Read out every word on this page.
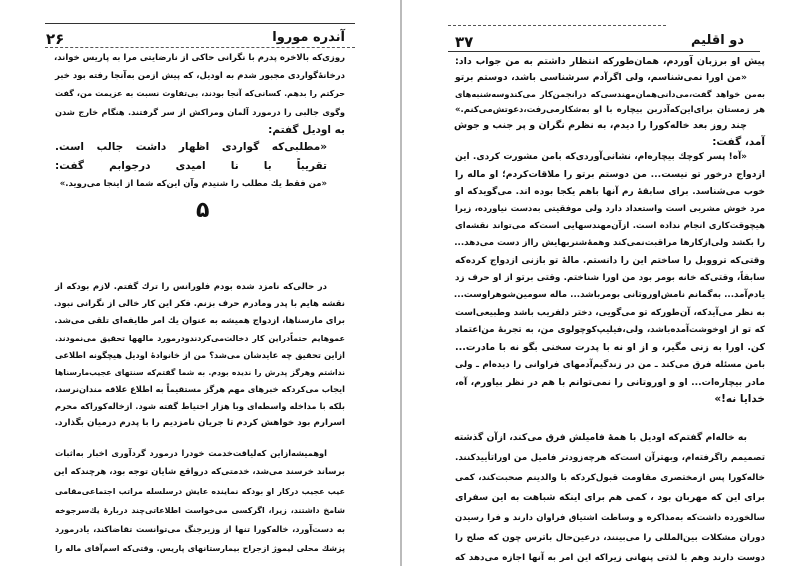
۲۶	آندره موروا	۳۷	دو اقلیم
روزی‌که بالاخره پدرم با نگرانی حاکی از نارضایتی مرا به پاریس خواند،
درخانهٔ‌گواردی مجبور شدم به اودیل، که پیش ازمن به‌آنجا رفته بود خبر
حرکتم را بدهم. کسانی‌که آنجا بودند، بی‌تفاوت نسبت به عزیمت من، گفت
وگوی جالبی را درمورد آلمان ومراکش از سر گرفتند. هنگام خارج شدن
به اودیل گفتم:
«مطلبی‌که گواردی اظهار داشت جالب است.
تقریباً با نا امیدی درجوابم گفت:
«من فقط یك مطلب را شنیدم وآن این‌که شما از اینجا می‌روید.»
۵
در حالی‌که نامزد شده بودم فلورانس را ترك گفتم. لازم بودکه از
نقشه هایم با پدر ومادرم حرف بزنم. فکر این کار خالی از نگرانی نبود.
برای مارسناها، ازدواج همیشه به عنوان یك امر طایفه‌ای تلقی می‌شد.
عموهایم حتماًدراین کار دخالت‌می‌کردندودرمورد مالهها تحقیق می‌نمودند.
ازاین تحقیق چه عایدشان می‌شد؟ من از خانوادهٔ اودیل هیچگونه اطلاعی
نداشتم وهرگز پدرش را ندیده بودم. به شما گفتم‌که سنتهای عجیب‌مارسناها
ایجاب می‌کردکه خبرهای مهم هرگز مستقیماً به اطلاع علاقه مندان‌نرسد،
بلکه با مداخله واسطه‌ای وبا هزار احتیاط گفته شود. ازخاله‌کوراکه محرم
اسرارم بود خواهش کردم تا جریان نامزدیم را با پدرم درمیان بگذارد.
اوهمیشه‌ازاین که‌لیاقت‌خدمت خودرا درمورد گردآوری اخبار به‌اثبات
برساند خرسند می‌شد، خدمتی‌که درواقع شایان توجه بود، هرچندکه این
عیب عجیب درکار او بودکه نماینده عایش درسلسله مراتب اجتماعی‌مقامی
شامخ داشتند، زیرا، اگرکسی می‌خواست اطلاعاتی‌چند دربارهٔ یك‌سرجوخه
به دست‌آورد، خاله‌کورا تنها از وزیرجنگ می‌توانست تقاضاکند، یادرمورد
پزشك محلی لیموژ ازجراح بیمارستانهای پاریس. وقتی‌که اسم‌آقای ماله را
پیش او برزبان آوردم، همان‌طورکه انتظار داشتم به من جواب داد:
«من اورا نمی‌شناسم، ولی اگرآدم سرشناسی باشد، دوستم برتو
به‌من خواهد گفت،می‌دانی‌همان‌مهندسی‌که درانجمن‌کار می‌کندوسه‌شنبه‌های
هر زمستان برای‌این‌که‌آدربن بیچاره با او به‌شکارمی‌رفت،دعوتش‌می‌کنم.»
چند روز بعد خاله‌کورا را دیدم، به نظرم نگران و پر جنب و جوش
آمد، گفت:
«آه! پسر کوچك بیچاره‌ام، نشانی‌آوردی‌که بامن مشورت کردی. این
ازدواج درخور تو نیست... من دوستم برتو را ملاقات‌کردم؛ او ماله را
خوب می‌شناسد. برای سابقهٔ رم آنها باهم یکجا بوده اند. می‌گویدکه او
مرد خوش مشربی است واستعداد دارد ولی موفقیتی به‌دست نیاورده، زیرا
هیچوقت‌کاری انجام نداده است. ازآن‌مهندسهایی است‌که می‌تواند نقشه‌ای
را بکشد ولی‌ازکارها مراقبت‌نمی‌کند وهمهٔ‌شنربهایش رااز دست می‌دهد...
وقتی‌که ترووبل را ساختم این را دانستم. مالهٔ تو بازنی ازدواج کرده‌که
سابقاً، وقتی‌که خانه بومر بود من اورا شناختم. وقتی برتو از او حرف زد
یادم‌آمد... به‌گمانم نامش‌اوروتانی بومرباشد... ماله سومین‌شوهراوست...
به نظر می‌آیدکه، آن‌طورکه تو می‌گویی، دختر دلفریب باشد وطبیعی‌است
که تو از اوخوشت‌آمده‌باشد، ولی،فیلیپ‌کوچولوی من، به تجربهٔ من‌اعتماد
کن. اورا به زنی مگیر، و از او نه با پدرت سخنی بگو نه با مادرت...
بامن مسئله فرق می‌کند ـ من در زندگیم‌آدمهای فراوانی را دیده‌ام ـ ولی
مادر بیچاره‌ات... او و اوروتانی را نمی‌توانم با هم در نظر بیاورم، آه،
خدایا نه!»
به خاله‌ام گفتم‌که اودیل با همهٔ فامیلش فرق می‌کند، ازآن گذشته
تصمیمم راگرفته‌ام، وبهترآن است‌که هرچه‌زودتر فامیل من اوراتأییدکنند.
خاله‌کورا پس ازمختصری مقاومت قبول‌کردکه با والدینم صحبت‌کند، کمی
برای این که مهربان بود ، کمی هم برای اینکه شباهت به این سفرای
سالخورده داشت‌که به‌مذاکره و وساطت اشتیاق فراوان دارند و فرا رسیدن
دوران مشکلات بین‌المللی را می‌بینند، درعین‌حال باترس چون که صلح را
دوست دارند وهم با لذتی پنهانی زیراکه این امر به آنها اجازه می‌دهد که
